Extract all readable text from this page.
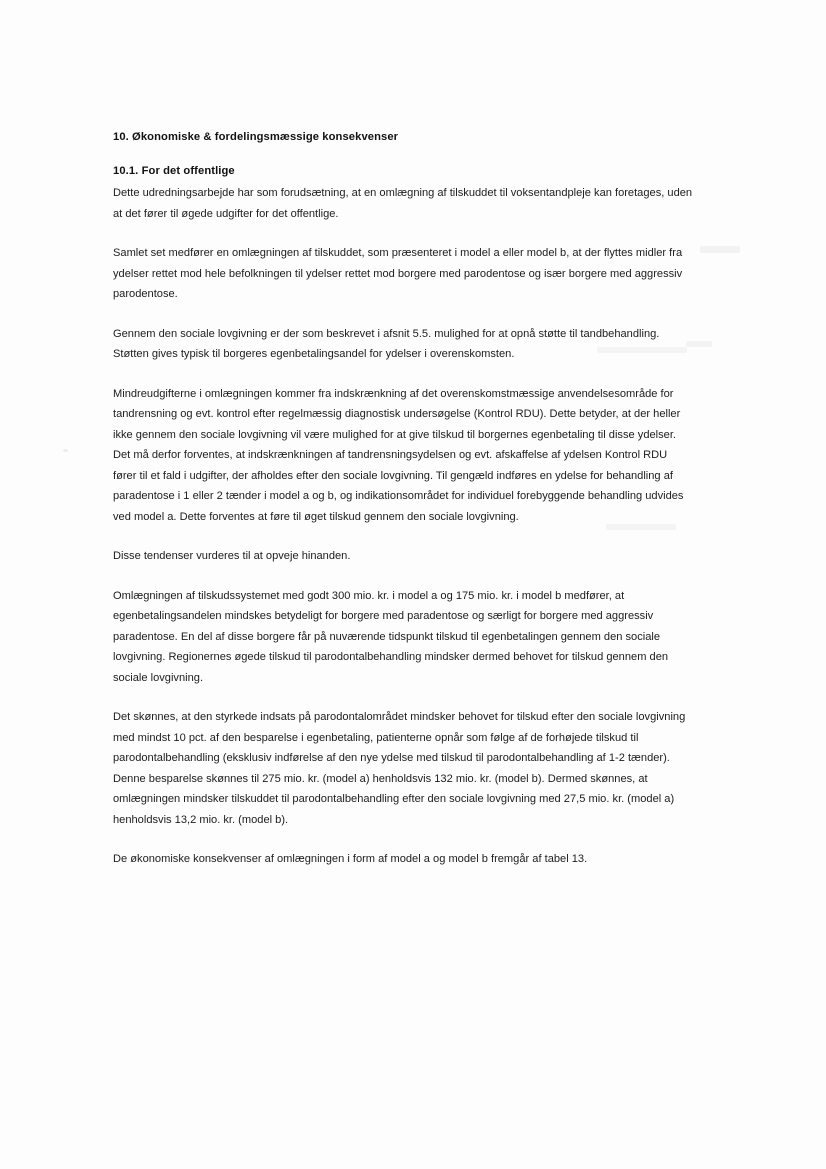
10. Økonomiske & fordelingsmæssige konsekvenser
10.1. For det offentlige

Dette udredningsarbejde har som forudsætning, at en omlægning af tilskuddet til voksentandpleje kan foretages, uden at det fører til øgede udgifter for det offentlige.

Samlet set medfører en omlægningen af tilskuddet, som præsenteret i model a eller model b, at der flyttes midler fra ydelser rettet mod hele befolkningen til ydelser rettet mod borgere med parodentose og især borgere med aggressiv parodentose.

Gennem den sociale lovgivning er der som beskrevet i afsnit 5.5. mulighed for at opnå støtte til tandbehandling. Støtten gives typisk til borgeres egenbetalingsandel for ydelser i overenskomsten.

Mindreudgifterne i omlægningen kommer fra indskrænkning af det overenskomstmæssige anvendelsesområde for tandrensning og evt. kontrol efter regelmæssig diagnostisk undersøgelse (Kontrol RDU). Dette betyder, at der heller ikke gennem den sociale lovgivning vil være mulighed for at give tilskud til borgernes egenbetaling til disse ydelser. Det må derfor forventes, at indskrænkningen af tandrensningsydelsen og evt. afskaffelse af ydelsen Kontrol RDU fører til et fald i udgifter, der afholdes efter den sociale lovgivning. Til gengæld indføres en ydelse for behandling af paradentose i 1 eller 2 tænder i model a og b, og indikationsområdet for individuel forebyggende behandling udvides ved model a. Dette forventes at føre til øget tilskud gennem den sociale lovgivning.

Disse tendenser vurderes til at opveje hinanden.

Omlægningen af tilskudssystemet med godt 300 mio. kr. i model a og 175 mio. kr. i model b medfører, at egenbetalingsandelen mindskes betydeligt for borgere med paradentose og særligt for borgere med aggressiv paradentose. En del af disse borgere får på nuværende tidspunkt tilskud til egenbetalingen gennem den sociale lovgivning. Regionernes øgede tilskud til parodontalbehandling mindsker dermed behovet for tilskud gennem den sociale lovgivning.

Det skønnes, at den styrkede indsats på parodontalområdet mindsker behovet for tilskud efter den sociale lovgivning med mindst 10 pct. af den besparelse i egenbetaling, patienterne opnår som følge af de forhøjede tilskud til parodontalbehandling (eksklusiv indførelse af den nye ydelse med tilskud til parodontalbehandling af 1-2 tænder). Denne besparelse skønnes til 275 mio. kr. (model a) henholdsvis 132 mio. kr. (model b). Dermed skønnes, at omlægningen mindsker tilskuddet til parodontalbehandling efter den sociale lovgivning med 27,5 mio. kr. (model a) henholdsvis 13,2 mio. kr. (model b).

De økonomiske konsekvenser af omlægningen i form af model a og model b fremgår af tabel 13.
